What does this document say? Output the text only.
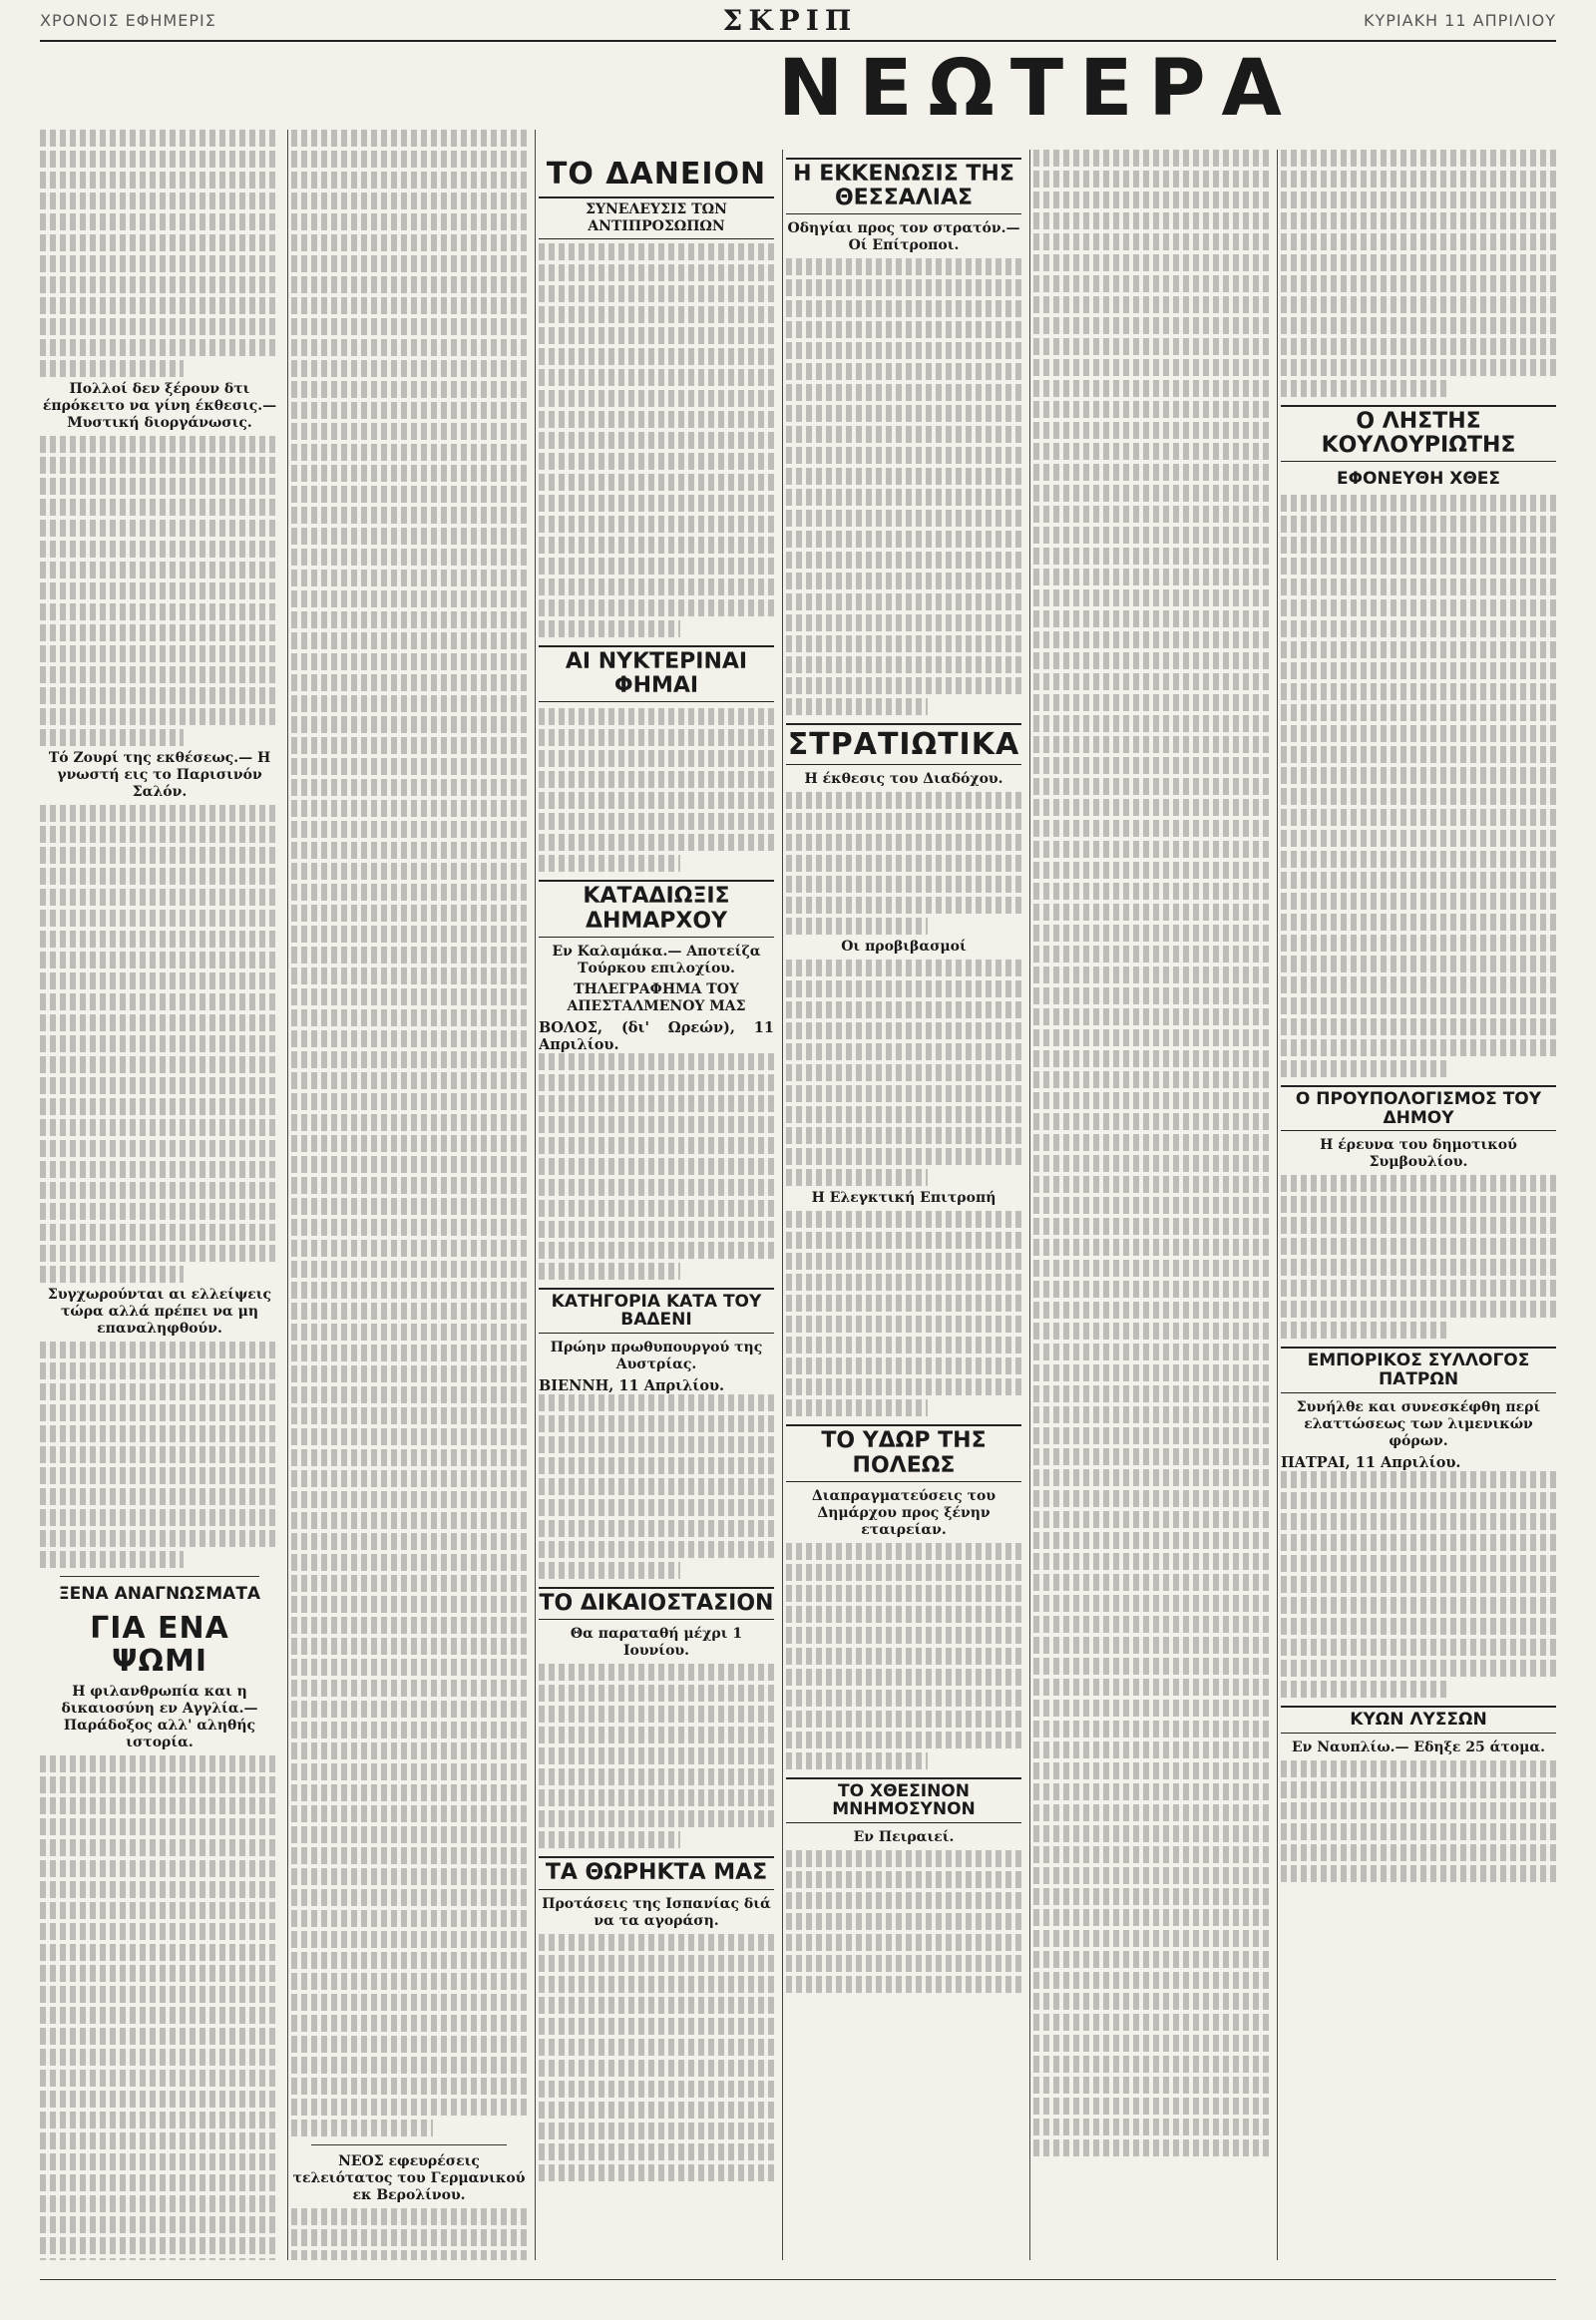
ΧΡΟΝΟΙΣ ΕΦΗΜΕΡΙΣ	ΣΚΡΙΠ	ΚΥΡΙΑΚΗ 11 ΑΠΡΙΛΙΟΥ
ΝΕΩΤΕΡΑ
Πολλοί δεν ξέρουν δτι έπρόκειτο να γίνη έκθεσις.— Μυστική διοργάνωσις.
Τό Ζουρί της εκθέσεως.— Η γνωστή εις το Παρισινόν Σαλόν.
Συγχωρούνται αι ελλείψεις τώρα αλλά πρέπει να μη επαναληφθούν.
ΞΕΝΑ ΑΝΑΓΝΩΣΜΑΤΑ
ΓΙΑ ΕΝΑ ΨΩΜΙ
Η φιλανθρωπία και η δικαιοσύνη εν Αγγλία.— Παράδοξος αλλ' αληθής ιστορία.
ΝΕΟΣ εφευρέσεις τελειότατος του Γερμανικού εκ Βερολίνου.
ΤΟ ΔΑΝΕΙΟΝ
ΣΥΝΕΛΕΥΣΙΣ ΤΩΝ ΑΝΤΙΠΡΟΣΩΠΩΝ
ΑΙ ΝΥΚΤΕΡΙΝΑΙ ΦΗΜΑΙ
ΚΑΤΑΔΙΩΞΙΣ ΔΗΜΑΡΧΟΥ
Εν Καλαμάκα.— Αποτείζα Τούρκου επιλοχίου.
ΤΗΛΕΓΡΑΦΗΜΑ ΤΟΥ ΑΠΕΣΤΑΛΜΕΝΟΥ ΜΑΣ
ΒΟΛΟΣ, (δι' Ωρεών), 11 Απριλίου.
ΚΑΤΗΓΟΡΙΑ ΚΑΤΑ ΤΟΥ ΒΑΔΕΝΙ
Πρώην πρωθυπουργού της Αυστρίας.
ΒΙΕΝΝΗ, 11 Απριλίου.
ΤΟ ΔΙΚΑΙΟΣΤΑΣΙΟΝ
Θα παραταθή μέχρι 1 Ιουνίου.
ΤΑ ΘΩΡΗΚΤΑ ΜΑΣ
Προτάσεις της Ισπανίας διά να τα αγοράση.
Η ΕΚΚΕΝΩΣΙΣ ΤΗΣ ΘΕΣΣΑΛΙΑΣ
Οδηγίαι προς τον στρατόν.— Οί Επίτροποι.
ΣΤΡΑΤΙΩΤΙΚΑ
Η έκθεσις του Διαδόχου.
Οι προβιβασμοί
Η Ελεγκτική Επιτροπή
ΤΟ ΥΔΩΡ ΤΗΣ ΠΟΛΕΩΣ
Διαπραγματεύσεις του Δημάρχου προς ξένην εταιρείαν.
ΤΟ ΧΘΕΣΙΝΟΝ ΜΝΗΜΟΣΥΝΟΝ
Εν Πειραιεί.
Ο ΛΗΣΤΗΣ ΚΟΥΛΟΥΡΙΩΤΗΣ
ΕΦΟΝΕΥΘΗ ΧΘΕΣ
Ο ΠΡΟΥΠΟΛΟΓΙΣΜΟΣ ΤΟΥ ΔΗΜΟΥ
Η έρευνα του δημοτικού Συμβουλίου.
ΕΜΠΟΡΙΚΟΣ ΣΥΛΛΟΓΟΣ ΠΑΤΡΩΝ
Συνήλθε και συνεσκέφθη περί ελαττώσεως των λιμενικών φόρων.
ΠΑΤΡΑΙ, 11 Απριλίου.
ΚΥΩΝ ΛΥΣΣΩΝ
Εν Ναυπλίω.— Εδηξε 25 άτομα.
